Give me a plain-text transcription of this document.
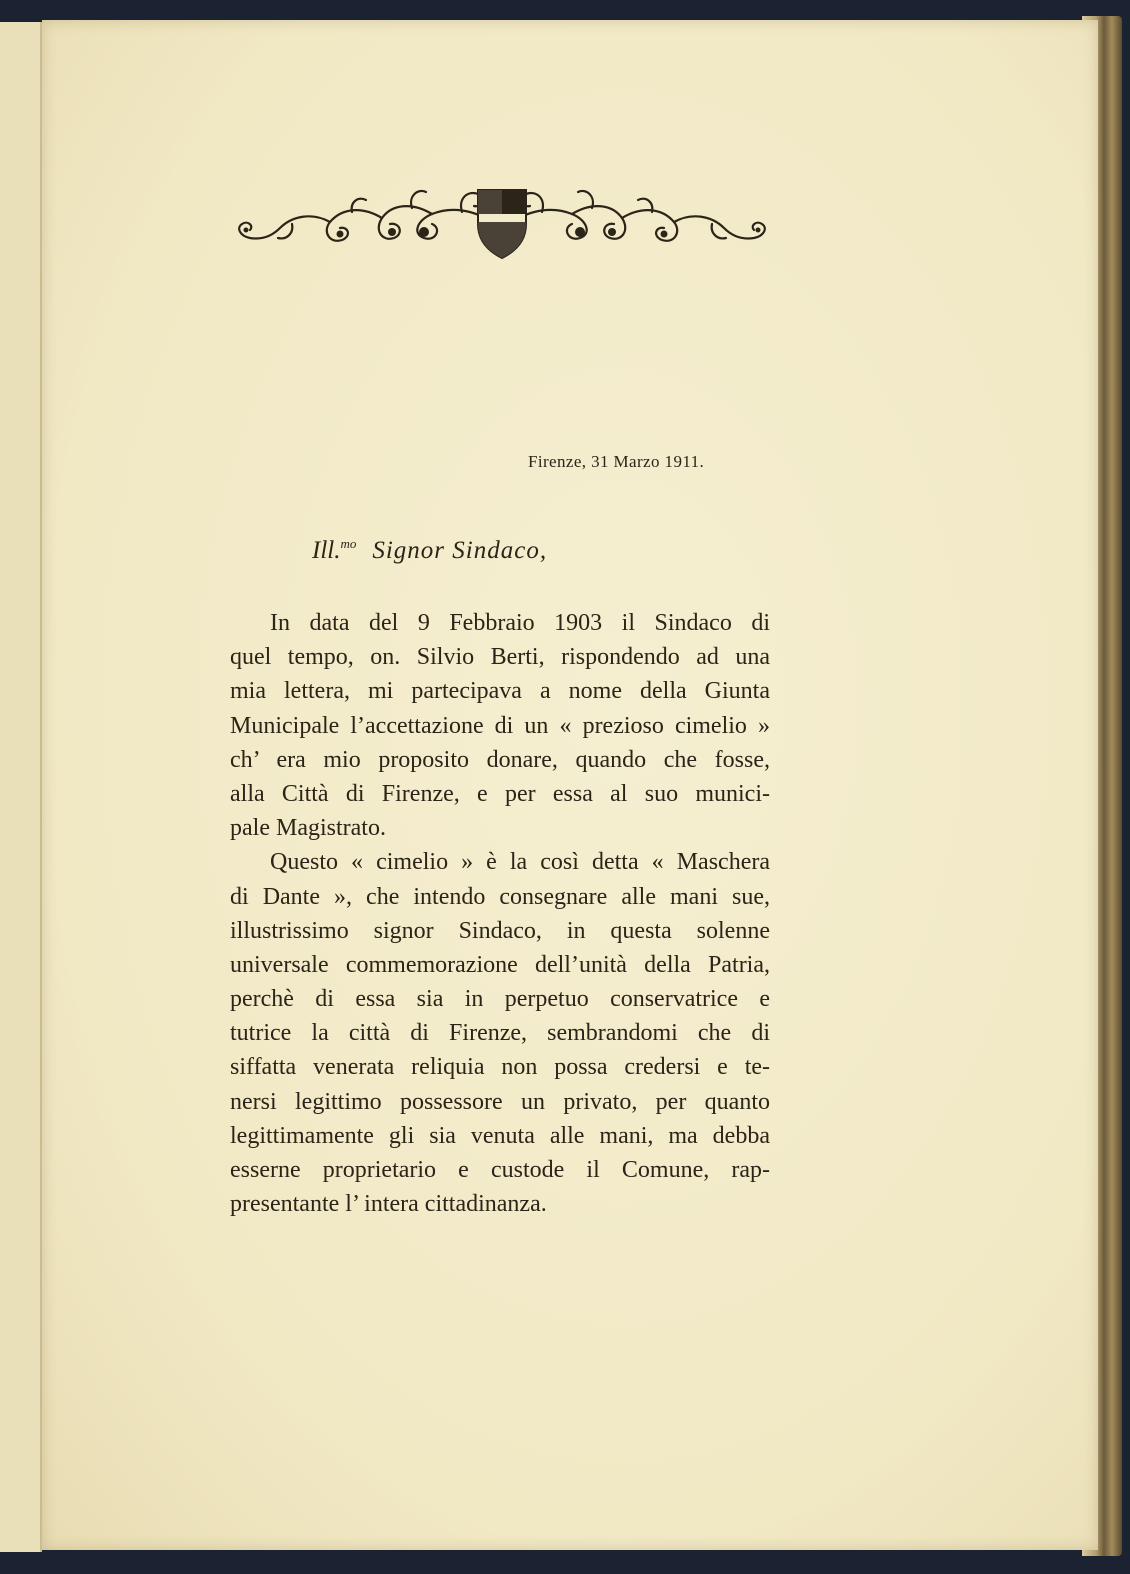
Firenze, 31 Marzo 1911.
Ill.$^{mo}$ Signor Sindaco,
In data del 9 Febbraio 1903 il Sindaco di
quel tempo, on. Silvio Berti, rispondendo ad una
mia lettera, mi partecipava a nome della Giunta
Municipale l’accettazione di un « prezioso cimelio »
ch’ era mio proposito donare, quando che fosse,
alla Città di Firenze, e per essa al suo munici-
pale Magistrato.
Questo « cimelio » è la così detta « Maschera
di Dante », che intendo consegnare alle mani sue,
illustrissimo signor Sindaco, in questa solenne
universale commemorazione dell’unità della Patria,
perchè di essa sia in perpetuo conservatrice e
tutrice la città di Firenze, sembrandomi che di
siffatta venerata reliquia non possa credersi e te-
nersi legittimo possessore un privato, per quanto
legittimamente gli sia venuta alle mani, ma debba
esserne proprietario e custode il Comune, rap-
presentante l’ intera cittadinanza.
